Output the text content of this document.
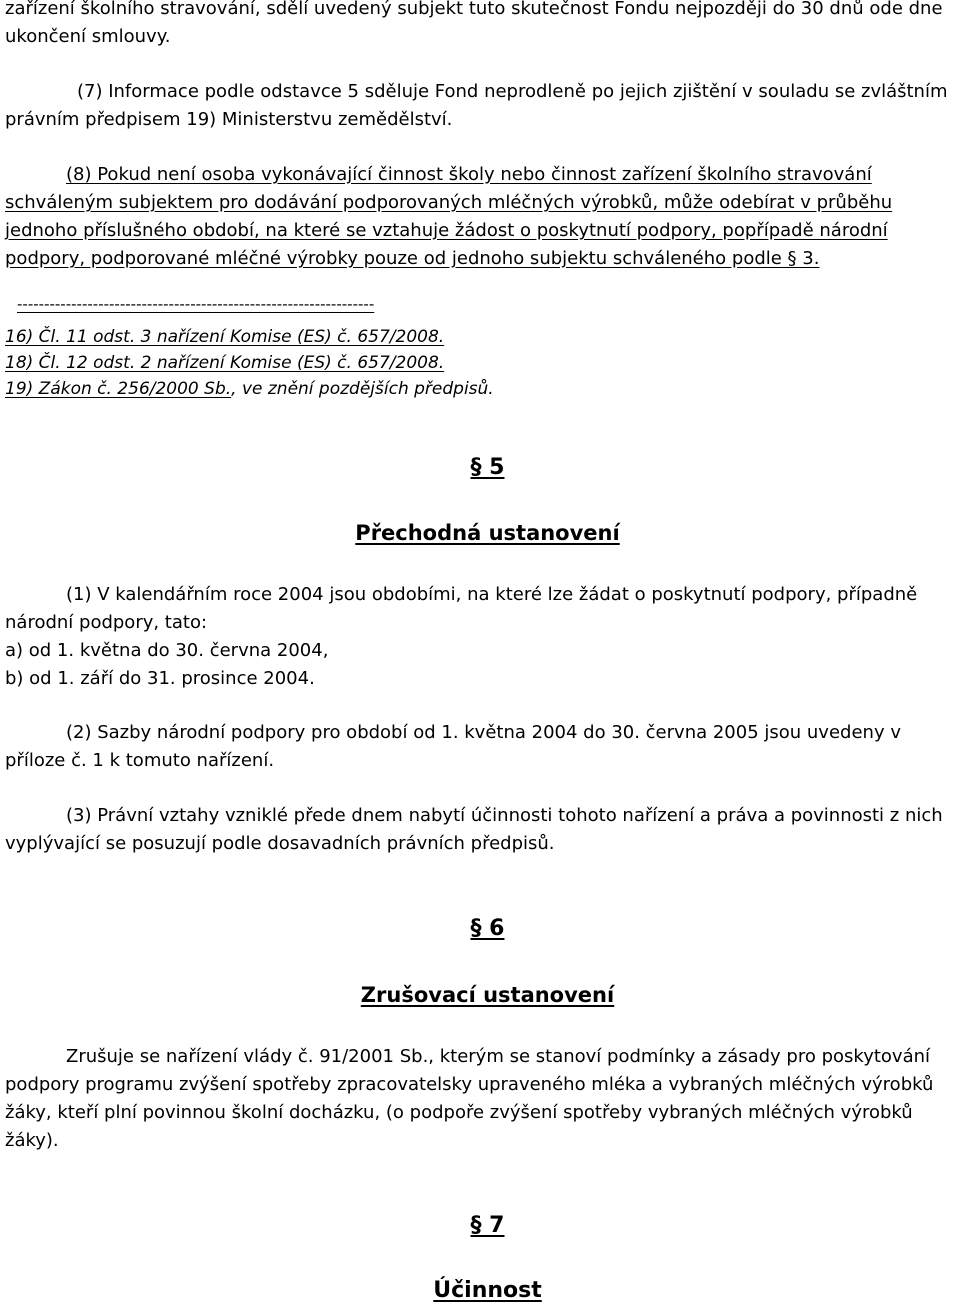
zařízení školního stravování, sdělí uvedený subjekt tuto skutečnost Fondu nejpozději do 30 dnů ode dne
ukončení smlouvy.
(7) Informace podle odstavce 5 sděluje Fond neprodleně po jejich zjištění v souladu se zvláštním
právním předpisem 19) Ministerstvu zemědělství.
(8) Pokud není osoba vykonávající činnost školy nebo činnost zařízení školního stravování
schváleným subjektem pro dodávání podporovaných mléčných výrobků, může odebírat v průběhu
jednoho příslušného období, na které se vztahuje žádost o poskytnutí podpory, popřípadě národní
podpory, podporované mléčné výrobky pouze od jednoho subjektu schváleného podle § 3.
------------------------------------------------------------------
16) Čl. 11 odst. 3 nařízení Komise (ES) č. 657/2008.
18) Čl. 12 odst. 2 nařízení Komise (ES) č. 657/2008.
19) Zákon č. 256/2000 Sb., ve znění pozdějších předpisů.
§ 5
Přechodná ustanovení
(1) V kalendářním roce 2004 jsou obdobími, na které lze žádat o poskytnutí podpory, případně
národní podpory, tato:
a) od 1. května do 30. června 2004,
b) od 1. září do 31. prosince 2004.
(2) Sazby národní podpory pro období od 1. května 2004 do 30. června 2005 jsou uvedeny v
příloze č. 1 k tomuto nařízení.
(3) Právní vztahy vzniklé přede dnem nabytí účinnosti tohoto nařízení a práva a povinnosti z nich
vyplývající se posuzují podle dosavadních právních předpisů.
§ 6
Zrušovací ustanovení
Zrušuje se nařízení vlády č. 91/2001 Sb., kterým se stanoví podmínky a zásady pro poskytování
podpory programu zvýšení spotřeby zpracovatelsky upraveného mléka a vybraných mléčných výrobků
žáky, kteří plní povinnou školní docházku, (o podpoře zvýšení spotřeby vybraných mléčných výrobků
žáky).
§ 7
Účinnost
